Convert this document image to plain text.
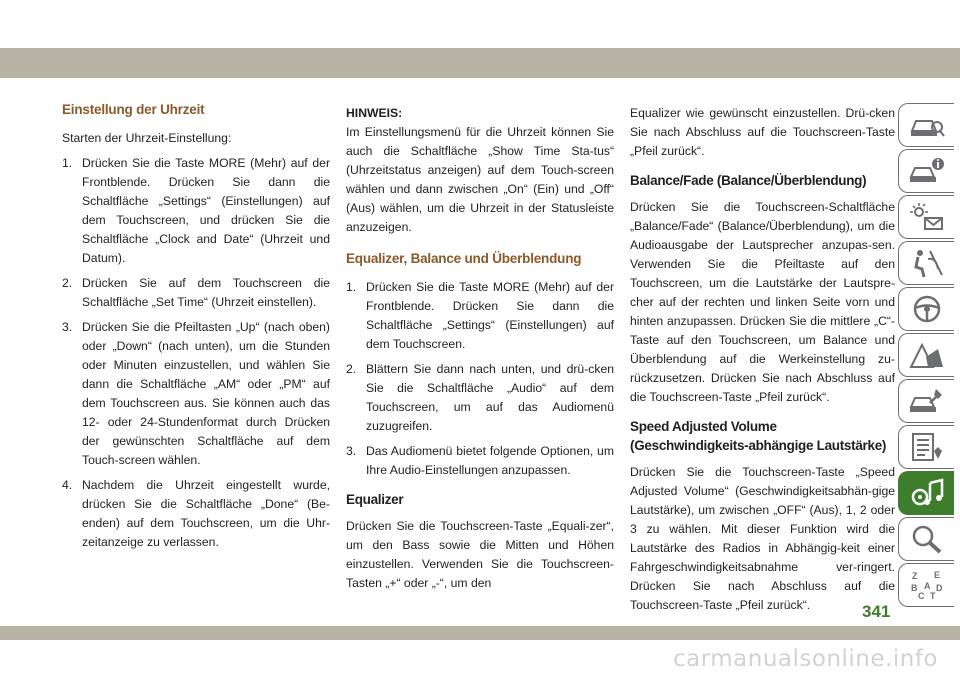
Einstellung der Uhrzeit

Starten der Uhrzeit-Einstellung:

1. Drücken Sie die Taste MORE (Mehr) auf der Frontblende. Drücken Sie dann die Schaltfläche „Settings“ (Einstellungen) auf dem Touchscreen, und drücken Sie die Schaltfläche „Clock and Date“ (Uhrzeit und Datum).
2. Drücken Sie auf dem Touchscreen die Schaltfläche „Set Time“ (Uhrzeit einstellen).
3. Drücken Sie die Pfeiltasten „Up“ (nach oben) oder „Down“ (nach unten), um die Stunden oder Minuten einzustellen, und wählen Sie dann die Schaltfläche „AM“ oder „PM“ auf dem Touchscreen aus. Sie können auch das 12- oder 24-Stundenformat durch Drücken der gewünschten Schaltfläche auf dem Touch-screen wählen.
4. Nachdem die Uhrzeit eingestellt wurde, drücken Sie die Schaltfläche „Done“ (Be-enden) auf dem Touchscreen, um die Uhr-zeitanzeige zu verlassen.
HINWEIS:

Im Einstellungsmenü für die Uhrzeit können Sie auch die Schaltfläche „Show Time Sta-tus“ (Uhrzeitstatus anzeigen) auf dem Touch-screen wählen und dann zwischen „On“ (Ein) und „Off“ (Aus) wählen, um die Uhrzeit in der Statusleiste anzuzeigen.

Equalizer, Balance und Überblendung
1. Drücken Sie die Taste MORE (Mehr) auf der Frontblende. Drücken Sie dann die Schaltfläche „Settings“ (Einstellungen) auf dem Touchscreen.
2. Blättern Sie dann nach unten, und drü-cken Sie die Schaltfläche „Audio“ auf dem Touchscreen, um auf das Audiomenü zuzugreifen.
3. Das Audiomenü bietet folgende Optionen, um Ihre Audio-Einstellungen anzupassen.
Equalizer

Drücken Sie die Touchscreen-Taste „Equali-zer“, um den Bass sowie die Mitten und Höhen einzustellen. Verwenden Sie die Touchscreen-Tasten „+“ oder „-“, um den

Equalizer wie gewünscht einzustellen. Drü-cken Sie nach Abschluss auf die Touchscreen-Taste „Pfeil zurück“.

Balance/Fade (Balance/Überblendung)

Drücken Sie die Touchscreen-Schaltfläche „Balance/Fade“ (Balance/Überblendung), um die Audioausgabe der Lautsprecher anzupas-sen. Verwenden Sie die Pfeiltaste auf den Touchscreen, um die Lautstärke der Lautspre-cher auf der rechten und linken Seite vorn und hinten anzupassen. Drücken Sie die mittlere „C“-Taste auf den Touchscreen, um Balance und Überblendung auf die Werkeinstellung zu-rückzusetzen. Drücken Sie nach Abschluss auf die Touchscreen-Taste „Pfeil zurück“.

Speed Adjusted Volume (Geschwindigkeits-abhängige Lautstärke)

Drücken Sie die Touchscreen-Taste „Speed Adjusted Volume“ (Geschwindigkeitsabhän-gige Lautstärke), um zwischen „OFF“ (Aus), 1, 2 oder 3 zu wählen. Mit dieser Funktion wird die Lautstärke des Radios in Abhängig-keit einer Fahrgeschwindigkeitsabnahme ver-ringert. Drücken Sie nach Abschluss auf die Touchscreen-Taste „Pfeil zurück“.

Z E
A
B D
C T
341
carmanualsonline.info
